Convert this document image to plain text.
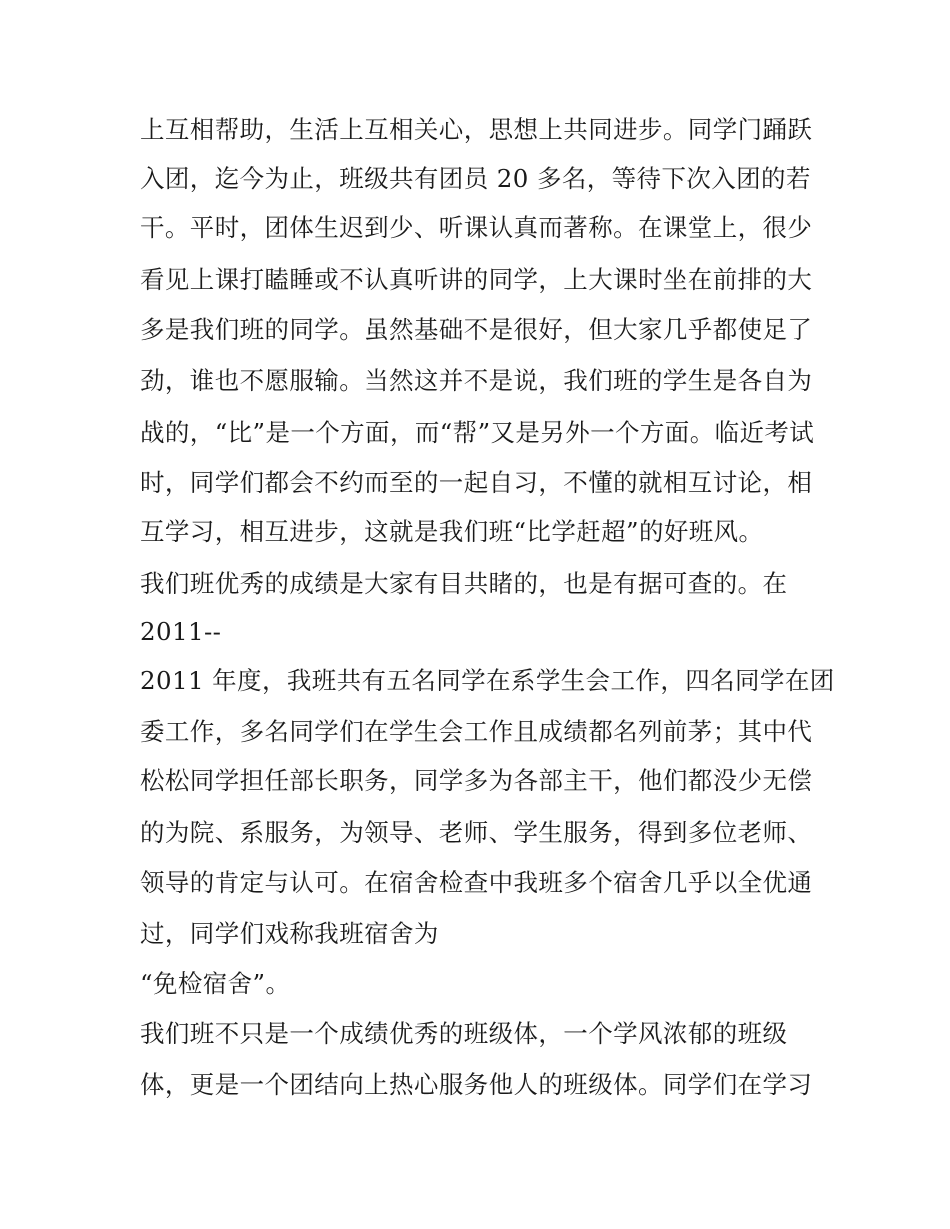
上互相帮助，生活上互相关心，思想上共同进步。同学门踊跃
入团，迄今为止，班级共有团员 20 多名，等待下次入团的若
干。平时，团体生迟到少、听课认真而著称。在课堂上，很少
看见上课打瞌睡或不认真听讲的同学，上大课时坐在前排的大
多是我们班的同学。虽然基础不是很好，但大家几乎都使足了
劲，谁也不愿服输。当然这并不是说，我们班的学生是各自为
战的，“比”是一个方面，而“帮”又是另外一个方面。临近考试
时，同学们都会不约而至的一起自习，不懂的就相互讨论，相
互学习，相互进步，这就是我们班“比学赶超”的好班风。
我们班优秀的成绩是大家有目共睹的，也是有据可查的。在
2011--
2011 年度，我班共有五名同学在系学生会工作，四名同学在团
委工作，多名同学们在学生会工作且成绩都名列前茅；其中代
松松同学担任部长职务，同学多为各部主干，他们都没少无偿
的为院、系服务，为领导、老师、学生服务，得到多位老师、
领导的肯定与认可。在宿舍检查中我班多个宿舍几乎以全优通
过，同学们戏称我班宿舍为
“免检宿舍”。
我们班不只是一个成绩优秀的班级体，一个学风浓郁的班级
体，更是一个团结向上热心服务他人的班级体。同学们在学习
